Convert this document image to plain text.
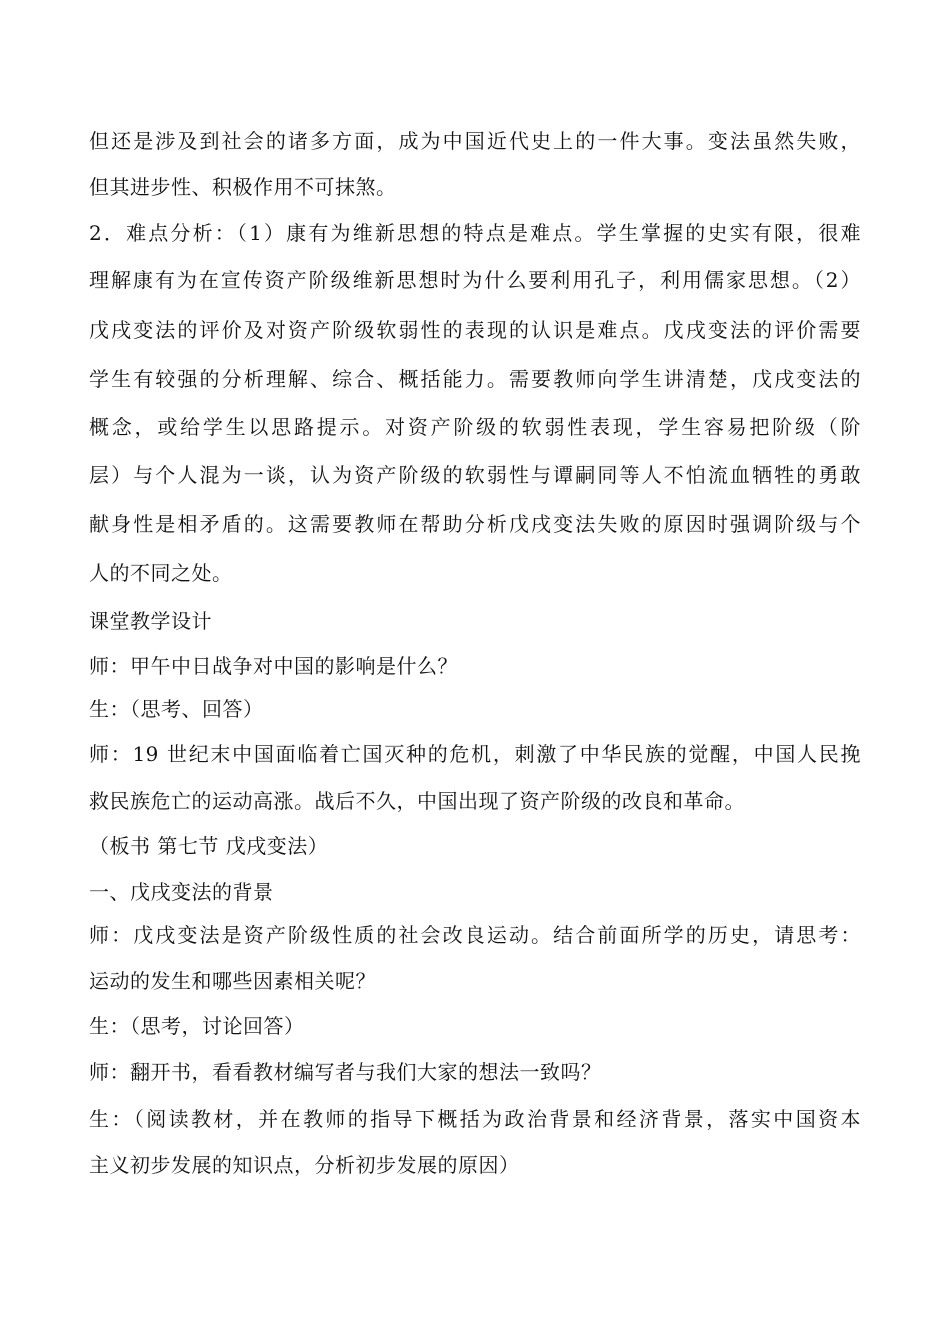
但还是涉及到社会的诸多方面，成为中国近代史上的一件大事。变法虽然失败，
但其进步性、积极作用不可抹煞。
2．难点分析：（1）康有为维新思想的特点是难点。学生掌握的史实有限，很难
理解康有为在宣传资产阶级维新思想时为什么要利用孔子，利用儒家思想。（2）
戊戌变法的评价及对资产阶级软弱性的表现的认识是难点。戊戌变法的评价需要
学生有较强的分析理解、综合、概括能力。需要教师向学生讲清楚，戊戌变法的
概念，或给学生以思路提示。对资产阶级的软弱性表现，学生容易把阶级（阶
层）与个人混为一谈，认为资产阶级的软弱性与谭嗣同等人不怕流血牺牲的勇敢
献身性是相矛盾的。这需要教师在帮助分析戊戌变法失败的原因时强调阶级与个
人的不同之处。
课堂教学设计
师：甲午中日战争对中国的影响是什么？
生：（思考、回答）
师：19 世纪末中国面临着亡国灭种的危机，刺激了中华民族的觉醒，中国人民挽
救民族危亡的运动高涨。战后不久，中国出现了资产阶级的改良和革命。
（板书 第七节 戊戌变法）
一、戊戌变法的背景
师：戊戌变法是资产阶级性质的社会改良运动。结合前面所学的历史，请思考：
运动的发生和哪些因素相关呢？
生：（思考，讨论回答）
师：翻开书，看看教材编写者与我们大家的想法一致吗？
生：（阅读教材，并在教师的指导下概括为政治背景和经济背景，落实中国资本
主义初步发展的知识点，分析初步发展的原因）
